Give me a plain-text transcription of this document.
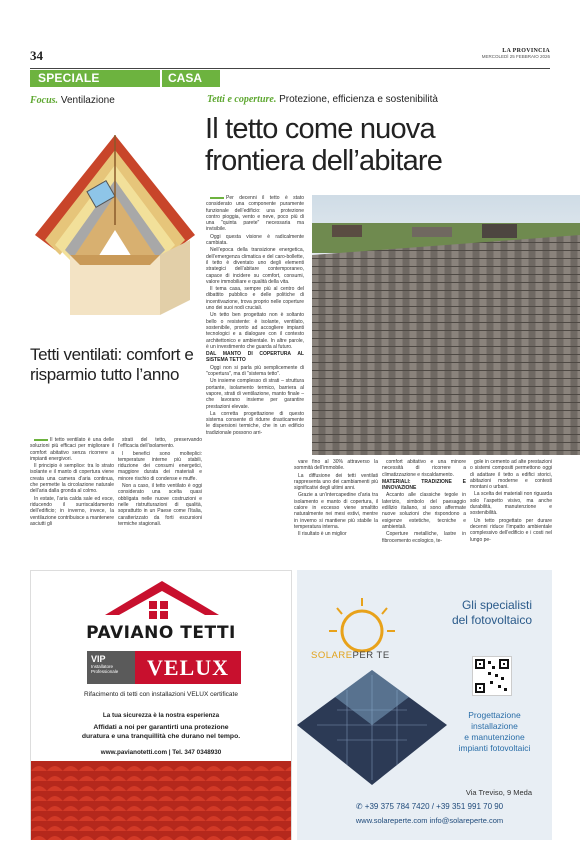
34	LA PROVINCIA
MERCOLEDÌ 25 FEBBRAIO 2026
SPECIALE	CASA
Focus. Ventilazione	Tetti e coperture. Protezione, efficienza e sostenibilità
Il tetto come nuova
frontiera dell’abitare
Tetti ventilati: comfort e risparmio tutto l’anno

Il tetto ventilato è una delle soluzioni più efficaci per migliorare il comfort abitativo senza ricorrere a impianti energivori.

Il principio è semplice: tra lo strato isolante e il manto di copertura viene creata una camera d’aria continua, che permette la circolazione naturale dell’aria dalla gronda al colmo.

In estate, l’aria calda sale ed esce, riducendo il surriscaldamento dell’edificio; in inverno, invece, la ventilazione contribuisce a mantenere asciutti gli

strati del tetto, preservando l’efficacia dell’isolamento.

I benefici sono molteplici: temperature interne più stabili, riduzione dei consumi energetici, maggiore durata dei materiali e minore rischio di condense e muffe.

Non a caso, il tetto ventilato è oggi considerato una scelta quasi obbligata nelle nuove costruzioni e nelle ristrutturazioni di qualità, soprattutto in un Paese come l’Italia, caratterizzato da forti escursioni termiche stagionali.

Per decenni il tetto è stato considerato una componente puramente funzionale dell’edificio: una protezione contro pioggia, vento e neve, poco più di una "quinta parete" necessaria ma invisibile.

Oggi questa visione è radicalmente cambiata.

Nell’epoca della transizione energetica, dell’emergenza climatica e del caro-bollette, il tetto è diventato uno degli elementi strategici dell’abitare contemporaneo, capace di incidere su comfort, consumi, valore immobiliare e qualità della vita.

Il tema casa, sempre più al centro del dibattito pubblico e delle politiche di incentivazione, trova proprio nelle coperture uno dei suoi nodi cruciali.

Un tetto ben progettato non è soltanto bello o resistente: è isolante, ventilato, sostenibile, pronto ad accogliere impianti tecnologici e a dialogare con il contesto architettonico e ambientale. In altre parole, è un investimento che guarda al futuro.

DAL MANTO DI COPERTURA AL SISTEMA TETTO

Oggi non si parla più semplicemente di "copertura", ma di "sistema tetto".

Un insieme complesso di strati – struttura portante, isolamento termico, barriera al vapore, strati di ventilazione, manto finale – che lavorano insieme per garantire prestazioni elevate.

La corretta progettazione di questo sistema consente di ridurre drasticamente le dispersioni termiche, che in un edificio tradizionale possono arri-

vare fino al 30% attraverso la sommità dell’immobile.

La diffusione dei tetti ventilati rappresenta uno dei cambiamenti più significativi degli ultimi anni.

Grazie a un’intercapedine d’aria tra isolamento e manto di copertura, il calore in eccesso viene smaltito naturalmente nei mesi estivi, mentre in inverno si mantiene più stabile la temperatura interna.

Il risultato è un miglior

comfort abitativo e una minore necessità di ricorrere a climatizzazione e riscaldamento.

MATERIALI: TRADIZIONE E INNOVAZIONE

Accanto alle classiche tegole in laterizio, simbolo del paesaggio edilizio italiano, si sono affermate nuove soluzioni che rispondono a esigenze estetiche, tecniche e ambientali.

Coperture metalliche, lastre in fibrocemento ecologico, te-

gole in cemento ad alte prestazioni o sistemi compositi permettono oggi di adattare il tetto a edifici storici, abitazioni moderne e contesti montani o urbani.

La scelta dei materiali non riguarda solo l’aspetto visivo, ma anche durabilità, manutenzione e sostenibilità.

Un tetto progettato per durare decenni riduce l’impatto ambientale complessivo dell’edificio e i costi nel lungo pe-

PAVIANO TETTI
VIP
Installatore Professionale	VELUX
Rifacimento di tetti con installazioni VELUX certificate
La tua sicurezza è la nostra esperienza
Affidati a noi per garantirti una protezione
duratura e una tranquillità che durano nel tempo.
www.pavianotetti.com | Tel. 347 0348930
SOLAREPER TE
Gli specialisti
del fotovoltaico
Progettazione
installazione
e manutenzione
impianti fotovoltaici
Via Treviso, 9 Meda
✆ +39 375 784 7420 / +39 351 991 70 90
www.solareperte.com info@solareperte.com
